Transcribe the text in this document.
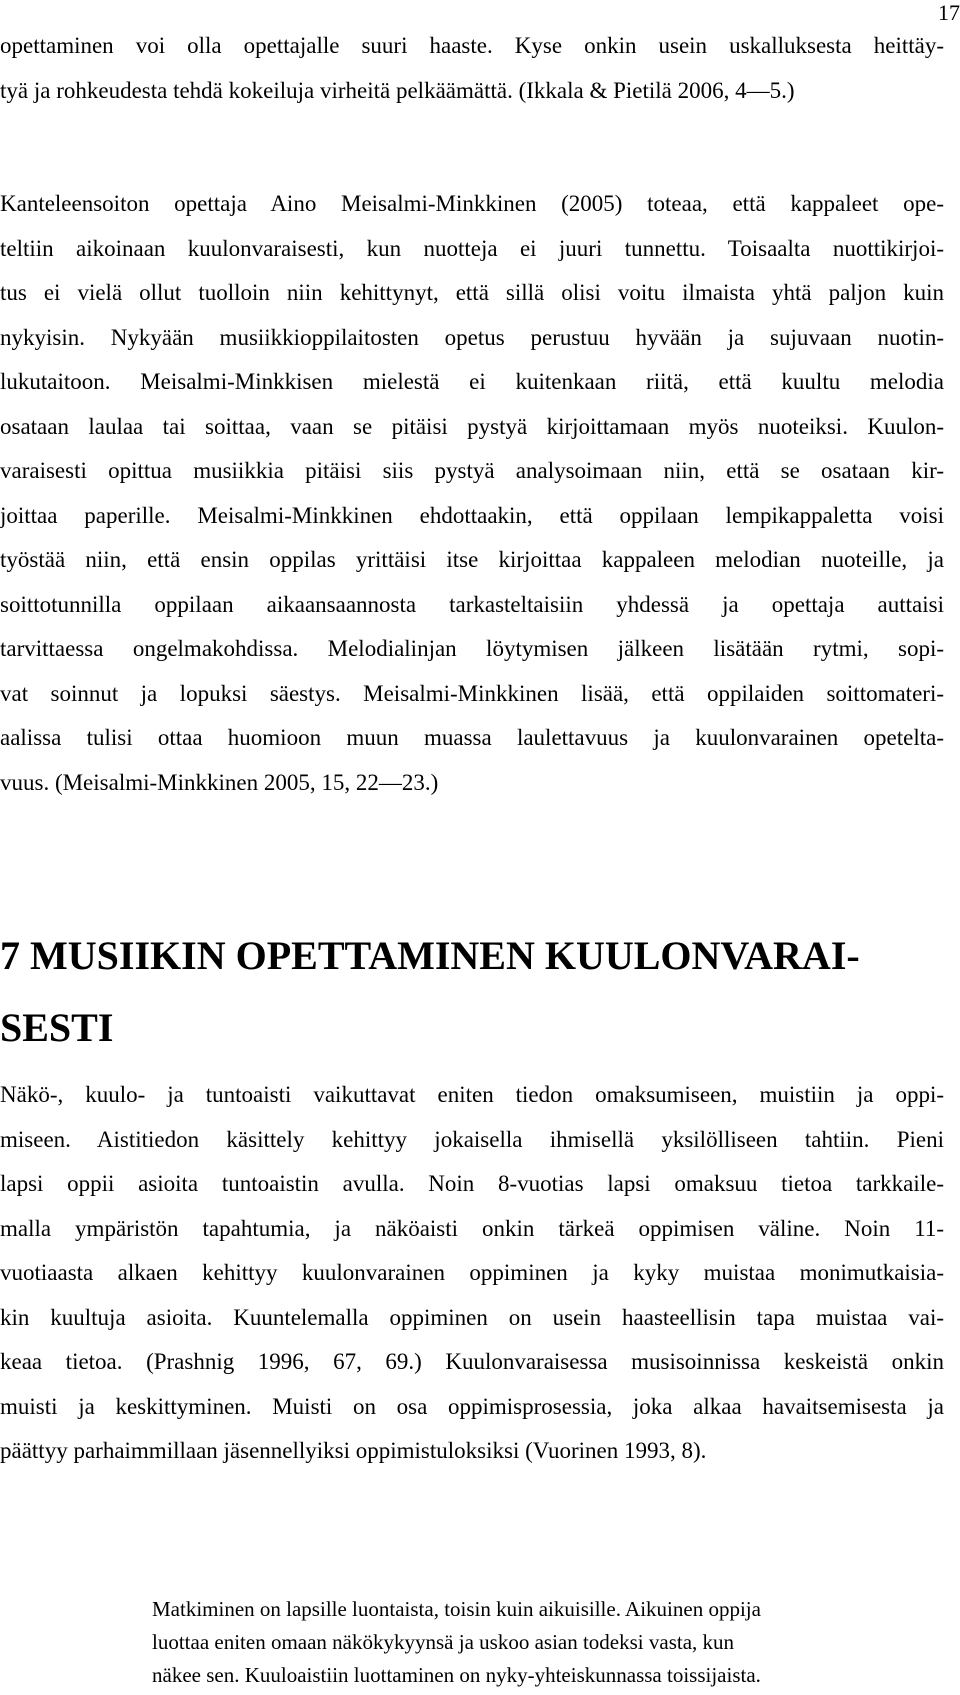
17
opettaminen voi olla opettajalle suuri haaste. Kyse onkin usein uskalluksesta heittäy-
tyä ja rohkeudesta tehdä kokeiluja virheitä pelkäämättä. (Ikkala & Pietilä 2006, 4—5.)
Kanteleensoiton opettaja Aino Meisalmi-Minkkinen (2005) toteaa, että kappaleet ope-
teltiin aikoinaan kuulonvaraisesti, kun nuotteja ei juuri tunnettu. Toisaalta nuottikirjoi-
tus ei vielä ollut tuolloin niin kehittynyt, että sillä olisi voitu ilmaista yhtä paljon kuin
nykyisin. Nykyään musiikkioppilaitosten opetus perustuu hyvään ja sujuvaan nuotin-
lukutaitoon. Meisalmi-Minkkisen mielestä ei kuitenkaan riitä, että kuultu melodia
osataan laulaa tai soittaa, vaan se pitäisi pystyä kirjoittamaan myös nuoteiksi. Kuulon-
varaisesti opittua musiikkia pitäisi siis pystyä analysoimaan niin, että se osataan kir-
joittaa paperille. Meisalmi-Minkkinen ehdottaakin, että oppilaan lempikappaletta voisi
työstää niin, että ensin oppilas yrittäisi itse kirjoittaa kappaleen melodian nuoteille, ja
soittotunnilla oppilaan aikaansaannosta tarkasteltaisiin yhdessä ja opettaja auttaisi
tarvittaessa ongelmakohdissa. Melodialinjan löytymisen jälkeen lisätään rytmi, sopi-
vat soinnut ja lopuksi säestys. Meisalmi-Minkkinen lisää, että oppilaiden soittomateri-
aalissa tulisi ottaa huomioon muun muassa laulettavuus ja kuulonvarainen opetelta-
vuus. (Meisalmi-Minkkinen 2005, 15, 22—23.)
7 MUSIIKIN OPETTAMINEN KUULONVARAI-
SESTI
Näkö-, kuulo- ja tuntoaisti vaikuttavat eniten tiedon omaksumiseen, muistiin ja oppi-
miseen. Aistitiedon käsittely kehittyy jokaisella ihmisellä yksilölliseen tahtiin. Pieni
lapsi oppii asioita tuntoaistin avulla. Noin 8-vuotias lapsi omaksuu tietoa tarkkaile-
malla ympäristön tapahtumia, ja näköaisti onkin tärkeä oppimisen väline. Noin 11-
vuotiaasta alkaen kehittyy kuulonvarainen oppiminen ja kyky muistaa monimutkaisia-
kin kuultuja asioita. Kuuntelemalla oppiminen on usein haasteellisin tapa muistaa vai-
keaa tietoa. (Prashnig 1996, 67, 69.) Kuulonvaraisessa musisoinnissa keskeistä onkin
muisti ja keskittyminen. Muisti on osa oppimisprosessia, joka alkaa havaitsemisesta ja
päättyy parhaimmillaan jäsennellyiksi oppimistuloksiksi (Vuorinen 1993, 8).
Matkiminen on lapsille luontaista, toisin kuin aikuisille. Aikuinen oppija
luottaa eniten omaan näkökykyynsä ja uskoo asian todeksi vasta, kun
näkee sen. Kuuloaistiin luottaminen on nyky-yhteiskunnassa toissijaista.
